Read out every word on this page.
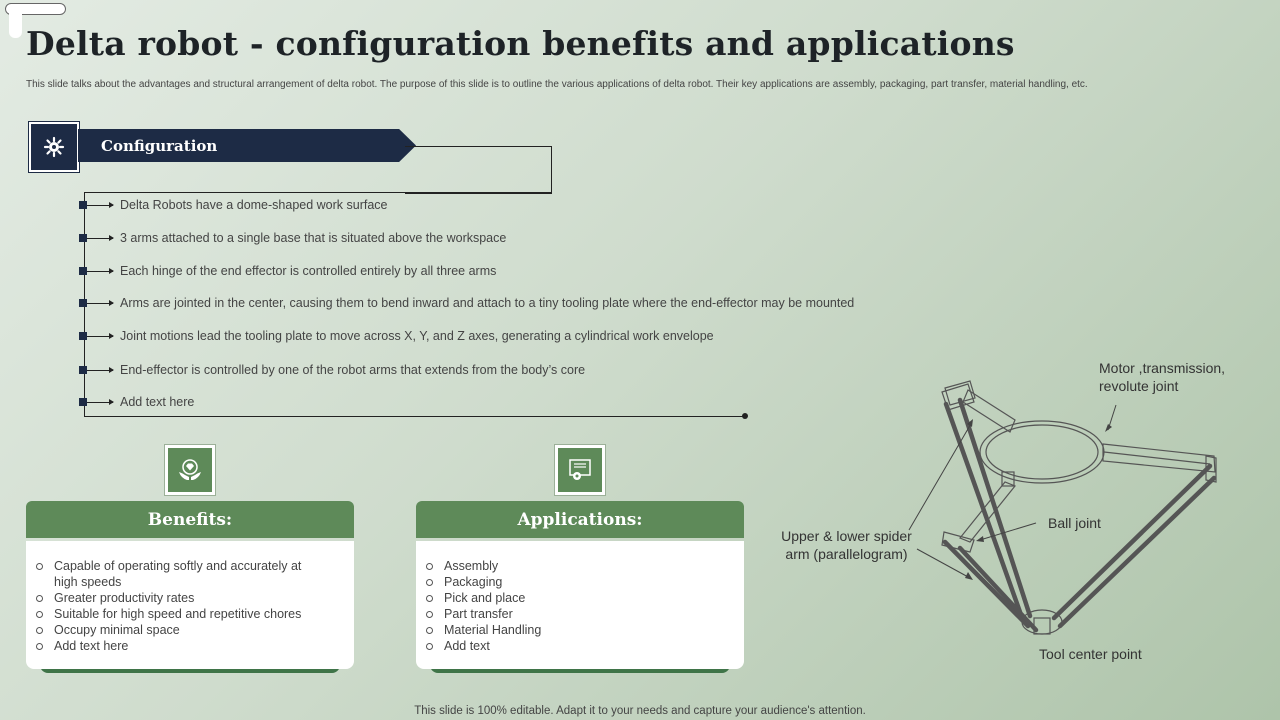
Delta robot - configuration benefits and applications
This slide talks about the advantages and structural arrangement of delta robot. The purpose of this slide is to outline the various applications of delta robot. Their key applications are assembly, packaging, part transfer, material handling, etc.
Configuration
Delta Robots have a dome-shaped work surface
3 arms attached to a single base that is situated above the workspace
Each hinge of the end effector is controlled entirely by all three arms
Arms are jointed in the center, causing them to bend inward and attach to a tiny tooling plate where the end-effector may be mounted
Joint motions lead the tooling plate to move across X, Y, and Z axes, generating a cylindrical work envelope
End-effector is controlled by one of the robot arms that extends from the body’s core
Add text here
Benefits:
Capable of operating softly and accurately at high speeds
Greater productivity rates
Suitable for high speed and repetitive chores
Occupy minimal space
Add text here
Applications:
Assembly
Packaging
Pick and place
Part transfer
Material Handling
Add text
Motor ,transmission, revolute joint
Ball joint
Upper & lower spider arm (parallelogram)
Tool center point
This slide is 100% editable. Adapt it to your needs and capture your audience's attention.
